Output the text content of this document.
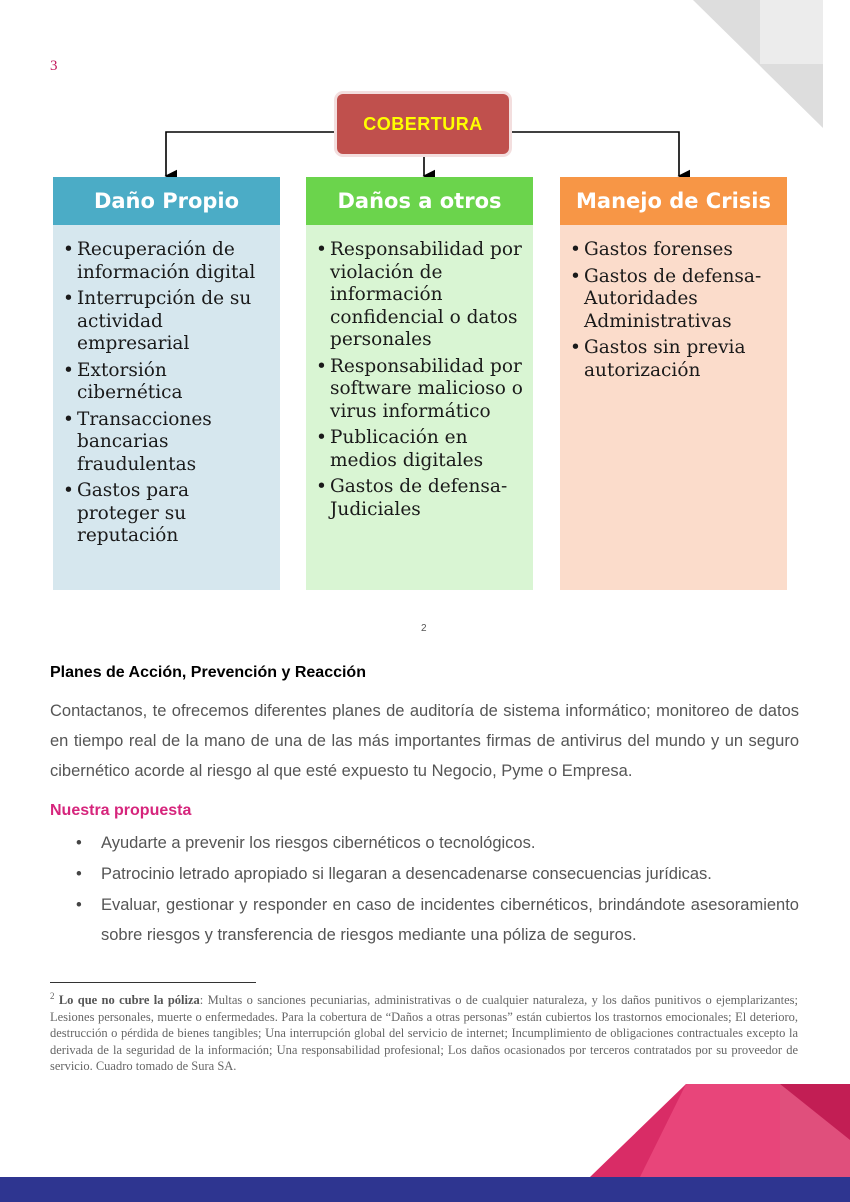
3
COBERTURA
Daño Propio
• Recuperación de información digital
• Interrupción de su actividad empresarial
• Extorsión cibernética
• Transacciones bancarias fraudulentas
• Gastos para proteger su reputación
Daños a otros
• Responsabilidad por violación de información confidencial o datos personales
• Responsabilidad por software malicioso o virus informático
• Publicación en medios digitales
• Gastos de defensa-Judiciales
Manejo de Crisis
• Gastos forenses
• Gastos de defensa-Autoridades Administrativas
• Gastos sin previa autorización
2
Planes de Acción, Prevención y Reacción
Contactanos, te ofrecemos diferentes planes de auditoría de sistema informático; monitoreo de datos en tiempo real de la mano de una de las más importantes firmas de antivirus del mundo y un seguro cibernético acorde al riesgo al que esté expuesto tu Negocio, Pyme o Empresa.
Nuestra propuesta
• Ayudarte a prevenir los riesgos cibernéticos o tecnológicos.
• Patrocinio letrado apropiado si llegaran a desencadenarse consecuencias jurídicas.
• Evaluar, gestionar y responder en caso de incidentes cibernéticos, brindándote asesoramiento sobre riesgos y transferencia de riesgos mediante una póliza de seguros.
$^2$ Lo que no cubre la póliza: Multas o sanciones pecuniarias, administrativas o de cualquier naturaleza, y los daños punitivos o ejemplarizantes; Lesiones personales, muerte o enfermedades. Para la cobertura de “Daños a otras personas” están cubiertos los trastornos emocionales; El deterioro, destrucción o pérdida de bienes tangibles; Una interrupción global del servicio de internet; Incumplimiento de obligaciones contractuales excepto la derivada de la seguridad de la información; Una responsabilidad profesional; Los daños ocasionados por terceros contratados por su proveedor de servicio. Cuadro tomado de Sura SA.
